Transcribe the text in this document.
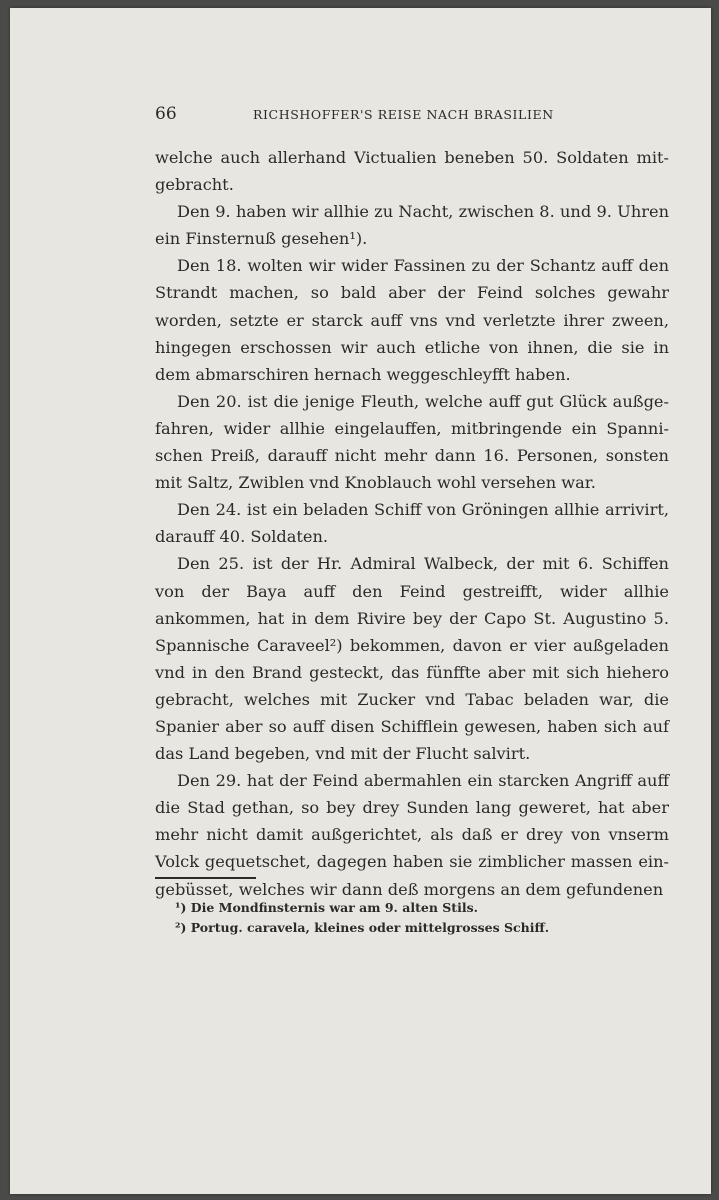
66	RICHSHOFFER'S REISE NACH BRASILIEN

welche auch allerhand Victualien beneben 50. Soldaten mitgebracht.

Den 9. haben wir allhie zu Nacht, zwischen 8. und 9. Uhren ein Finsternuß gesehen¹).

Den 18. wolten wir wider Fassinen zu der Schantz auff den Strandt machen, so bald aber der Feind solches gewahr worden, setzte er starck auff vns vnd verletzte ihrer zween, hingegen erschossen wir auch etliche von ihnen, die sie in dem abmarschiren hernach weggeschleyfft haben.

Den 20. ist die jenige Fleuth, welche auff gut Glück außgefahren, wider allhie eingelauffen, mitbringende ein Spannischen Preiß, darauff nicht mehr dann 16. Personen, sonsten mit Saltz, Zwiblen vnd Knoblauch wohl versehen war.

Den 24. ist ein beladen Schiff von Gröningen allhie arrivirt, darauff 40. Soldaten.

Den 25. ist der Hr. Admiral Walbeck, der mit 6. Schiffen von der Baya auff den Feind gestreifft, wider allhie ankommen, hat in dem Rivire bey der Capo St. Augustino 5. Spannische Caraveel²) bekommen, davon er vier außgeladen vnd in den Brand gesteckt, das fünffte aber mit sich hiehero gebracht, welches mit Zucker vnd Tabac beladen war, die Spanier aber so auff disen Schifflein gewesen, haben sich auf das Land begeben, vnd mit der Flucht salvirt.

Den 29. hat der Feind abermahlen ein starcken Angriff auff die Stad gethan, so bey drey Sunden lang geweret, hat aber mehr nicht damit außgerichtet, als daß er drey von vnserm Volck gequetschet, dagegen haben sie zimblicher massen eingebüsset, welches wir dann deß morgens an dem gefundenen

¹) Die Mondfinsternis war am 9. alten Stils.

²) Portug. caravela, kleines oder mittelgrosses Schiff.
